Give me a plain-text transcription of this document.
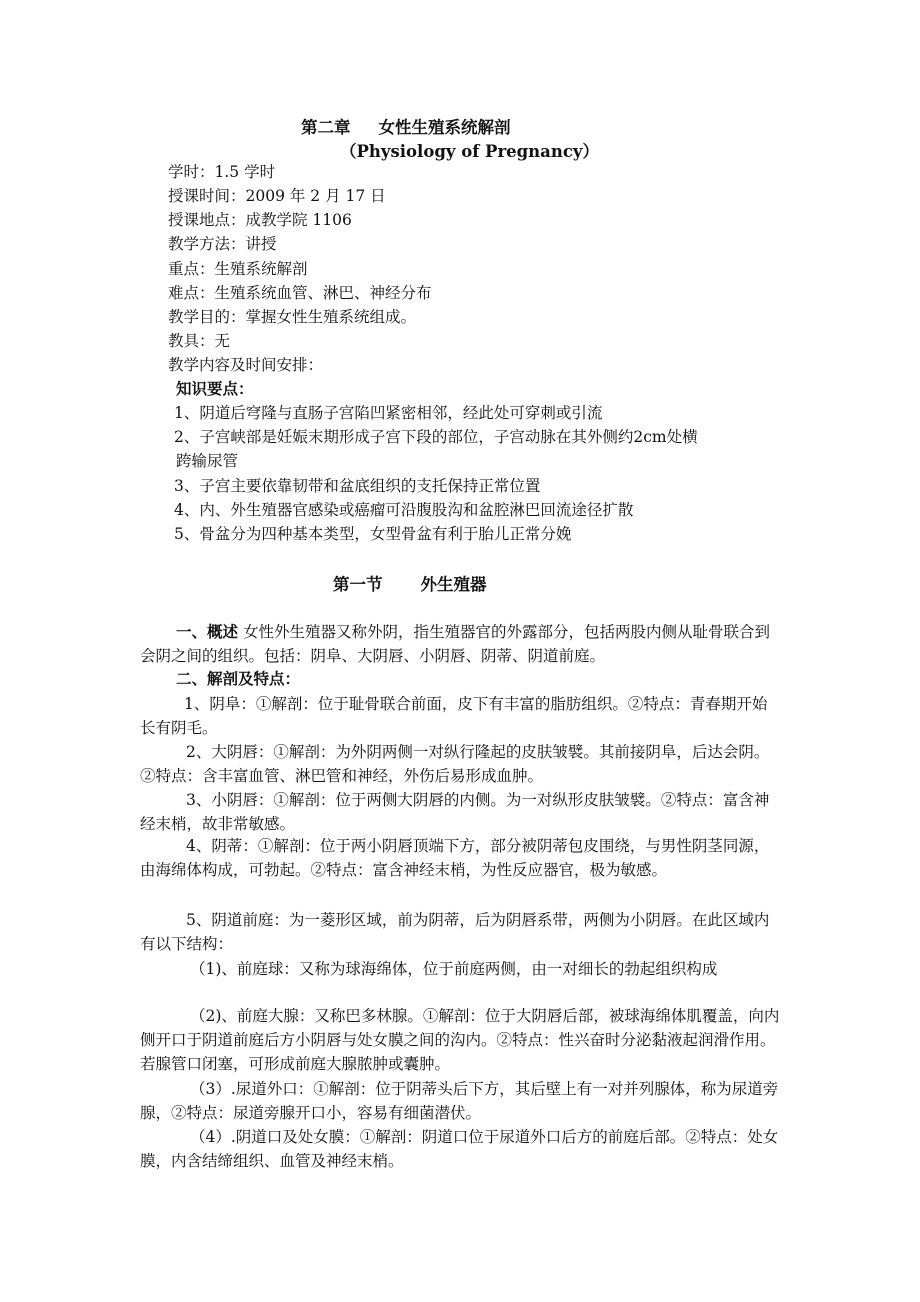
第二章 女性生殖系统解剖
（Physiology of Pregnancy）
学时：1.5 学时
授课时间：2009 年 2 月 17 日
授课地点：成教学院 1106
教学方法：讲授
重点：生殖系统解剖
难点：生殖系统血管、淋巴、神经分布
教学目的：掌握女性生殖系统组成。
教具：无
教学内容及时间安排：
知识要点：
1、阴道后穹隆与直肠子宫陷凹紧密相邻，经此处可穿刺或引流
2、子宫峡部是妊娠末期形成子宫下段的部位，子宫动脉在其外侧约2cm处横
跨输尿管
3、子宫主要依靠韧带和盆底组织的支托保持正常位置
4、内、外生殖器官感染或癌瘤可沿腹股沟和盆腔淋巴回流途径扩散
5、骨盆分为四种基本类型，女型骨盆有利于胎儿正常分娩
第一节 外生殖器
一、概述 女性外生殖器又称外阴，指生殖器官的外露部分，包括两股内侧从耻骨联合到会阴之间的组织。包括：阴阜、大阴唇、小阴唇、阴蒂、阴道前庭。
二、解剖及特点：
1、阴阜：①解剖：位于耻骨联合前面，皮下有丰富的脂肪组织。②特点：青春期开始长有阴毛。
2、大阴唇：①解剖：为外阴两侧一对纵行隆起的皮肤皱襞。其前接阴阜，后达会阴。②特点：含丰富血管、淋巴管和神经，外伤后易形成血肿。
3、小阴唇：①解剖：位于两侧大阴唇的内侧。为一对纵形皮肤皱襞。②特点：富含神经末梢，故非常敏感。
4、阴蒂：①解剖：位于两小阴唇顶端下方，部分被阴蒂包皮围绕，与男性阴茎同源，由海绵体构成，可勃起。②特点：富含神经末梢，为性反应器官，极为敏感。
5、阴道前庭：为一菱形区域，前为阴蒂，后为阴唇系带，两侧为小阴唇。在此区域内有以下结构：
（1)、前庭球：又称为球海绵体，位于前庭两侧，由一对细长的勃起组织构成
（2)、前庭大腺：又称巴多林腺。①解剖：位于大阴唇后部，被球海绵体肌覆盖，向内侧开口于阴道前庭后方小阴唇与处女膜之间的沟内。②特点：性兴奋时分泌黏液起润滑作用。若腺管口闭塞，可形成前庭大腺脓肿或囊肿。
（3）.尿道外口：①解剖：位于阴蒂头后下方，其后壁上有一对并列腺体，称为尿道旁腺，②特点：尿道旁腺开口小，容易有细菌潜伏。
（4）.阴道口及处女膜：①解剖：阴道口位于尿道外口后方的前庭后部。②特点：处女膜，内含结缔组织、血管及神经末梢。
